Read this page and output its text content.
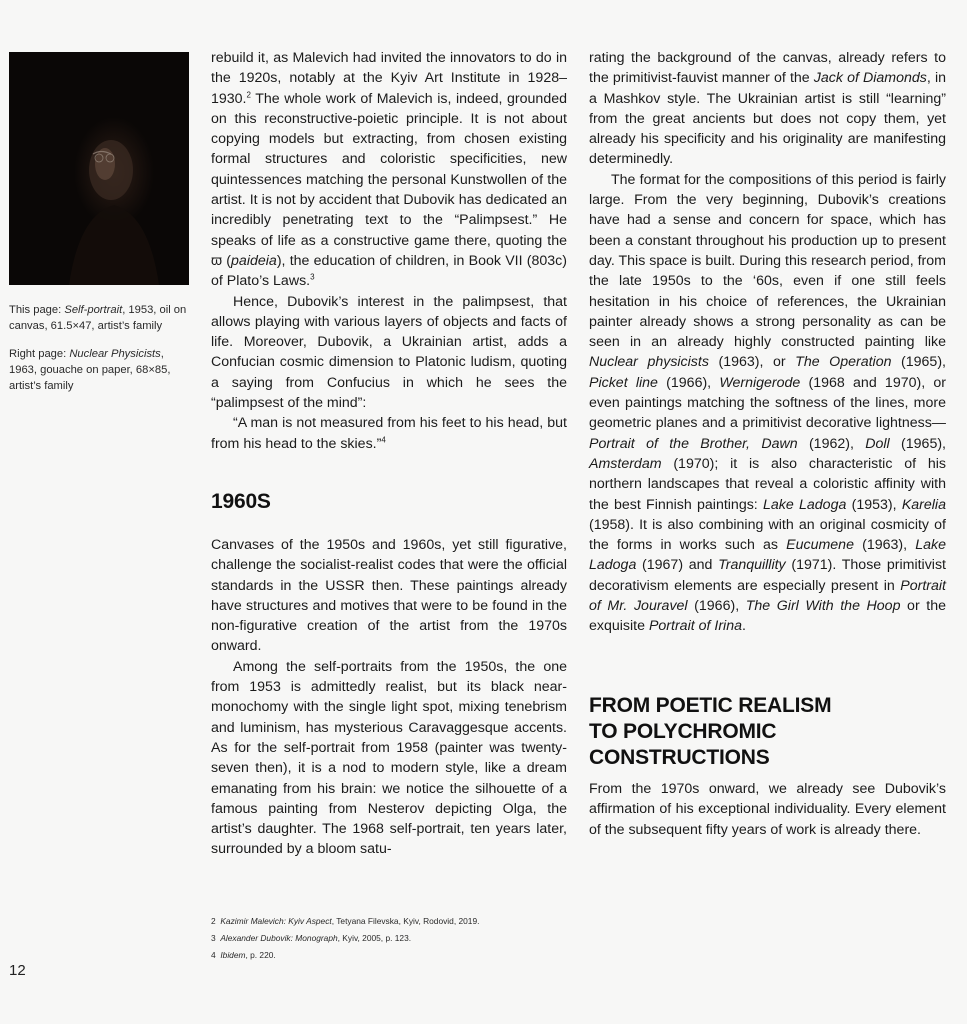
This page: Self-portrait, 1953, oil on canvas, 61.5×47, artist’s family

Right page: Nuclear Physicists, 1963, gouache on paper, 68×85, artist’s family

rebuild it, as Malevich had invited the innovators to do in the 1920s, notably at the Kyiv Art Institute in 1928–1930.$^2$ The whole work of Malevich is, indeed, grounded on this reconstructive-poietic principle. It is not about copying models but extracting, from chosen existing formal structures and coloristic specificities, new quintessences matching the personal Kunstwollen of the artist. It is not by accident that Dubovik has dedicated an incredibly penetrating text to the “Palimpsest.” He speaks of life as a constructive game there, quoting the ϖ (paideia), the education of children, in Book VII (803c) of Plato’s Laws.$^3$

Hence, Dubovik’s interest in the palimpsest, that allows playing with various layers of objects and facts of life. Moreover, Dubovik, a Ukrainian artist, adds a Confucian cosmic dimension to Platonic ludism, quoting a saying from Confucius in which he sees the “palimpsest of the mind”:

“A man is not measured from his feet to his head, but from his head to the skies.”$^4$

1960S

Canvases of the 1950s and 1960s, yet still figurative, challenge the socialist-realist codes that were the official standards in the USSR then. These paintings already have structures and motives that were to be found in the non-figurative creation of the artist from the 1970s onward.

Among the self-portraits from the 1950s, the one from 1953 is admittedly realist, but its black near-monochomy with the single light spot, mixing tenebrism and luminism, has mysterious Caravaggesque accents. As for the self-portrait from 1958 (painter was twenty-seven then), it is a nod to modern style, like a dream emanating from his brain: we notice the silhouette of a famous painting from Nesterov depicting Olga, the artist’s daughter. The 1968 self-portrait, ten years later, surrounded by a bloom satu-

rating the background of the canvas, already refers to the primitivist-fauvist manner of the Jack of Diamonds, in a Mashkov style. The Ukrainian artist is still “learning” from the great ancients but does not copy them, yet already his specificity and his originality are manifesting determinedly.

The format for the compositions of this period is fairly large. From the very beginning, Dubovik’s creations have had a sense and concern for space, which has been a constant throughout his production up to present day. This space is built. During this research period, from the late 1950s to the ‘60s, even if one still feels hesitation in his choice of references, the Ukrainian painter already shows a strong personality as can be seen in an already highly constructed painting like Nuclear physicists (1963), or The Operation (1965), Picket line (1966), Wernigerode (1968 and 1970), or even paintings matching the softness of the lines, more geometric planes and a primitivist decorative lightness—Portrait of the Brother, Dawn (1962), Doll (1965), Amsterdam (1970); it is also characteristic of his northern landscapes that reveal a coloristic affinity with the best Finnish paintings: Lake Ladoga (1953), Karelia (1958). It is also combining with an original cosmicity of the forms in works such as Eucumene (1963), Lake Ladoga (1967) and Tranquillity (1971). Those primitivist decorativism elements are especially present in Portrait of Mr. Jouravel (1966), The Girl With the Hoop or the exquisite Portrait of Irina.

FROM POETIC REALISM
TO POLYCHROMIC
CONSTRUCTIONS

From the 1970s onward, we already see Dubovik’s affirmation of his exceptional individuality. Every element of the subsequent fifty years of work is already there.

2 Kazimir Malevich: Kyiv Aspect, Tetyana Filevska, Kyiv, Rodovid, 2019.

3 Alexander Dubovik: Monograph, Kyiv, 2005, p. 123.

4 Ibidem, p. 220.

12
